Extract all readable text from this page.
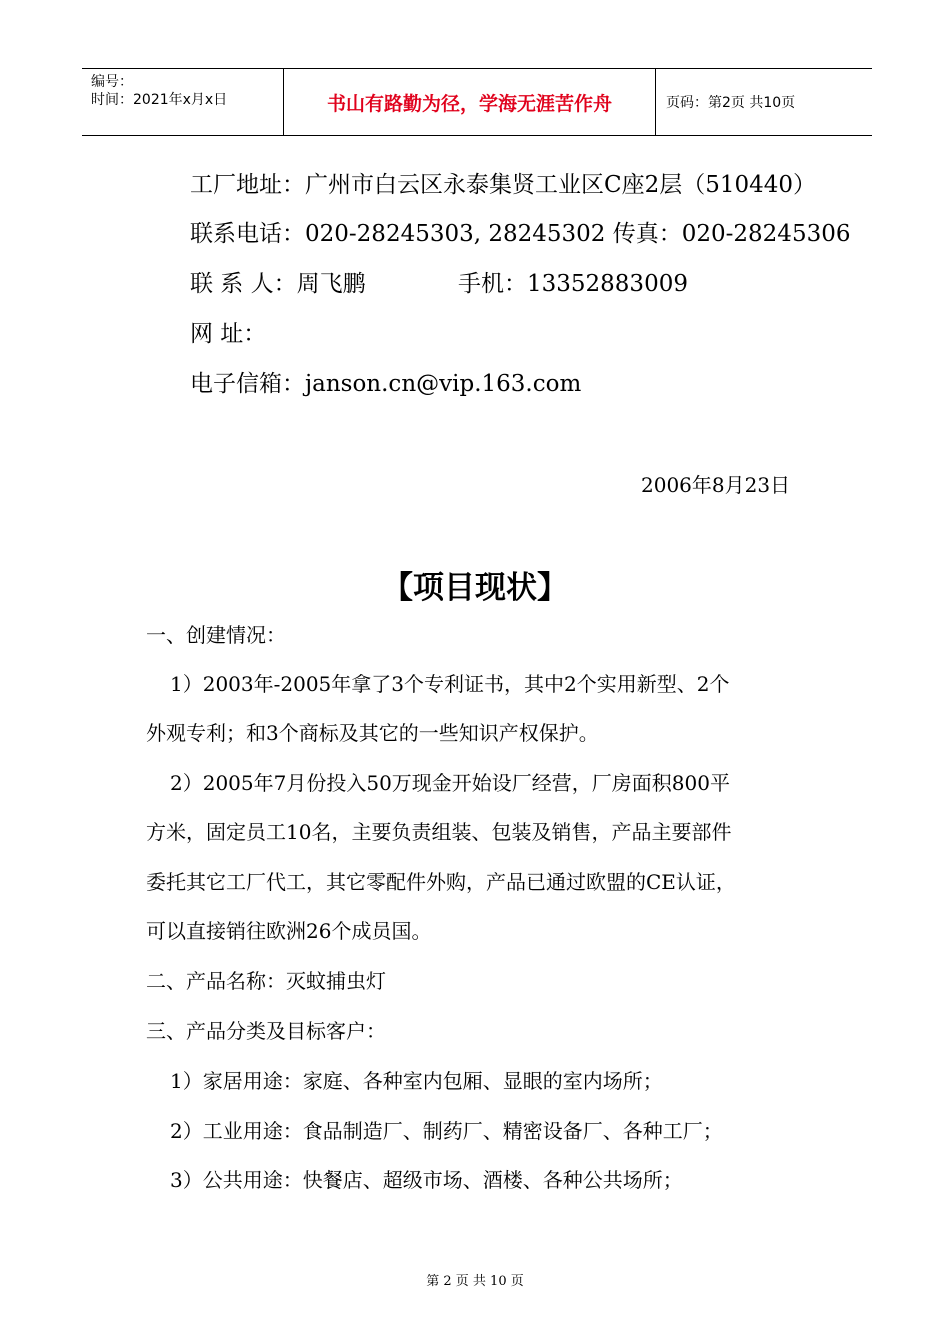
编号：
时间：2021年x月x日	书山有路勤为径，学海无涯苦作舟	页码：第2页 共10页
工厂地址：广州市白云区永泰集贤工业区C座2层（510440）
联系电话：020-28245303, 28245302 传真：020-28245306
联 系 人：周飞鹏	手机：13352883009
网 址：
电子信箱：janson.cn@vip.163.com
2006年8月23日
【项目现状】
一、创建情况：
1）2003年-2005年拿了3个专利证书，其中2个实用新型、2个
外观专利；和3个商标及其它的一些知识产权保护。
2）2005年7月份投入50万现金开始设厂经营，厂房面积800平
方米，固定员工10名，主要负责组装、包装及销售，产品主要部件
委托其它工厂代工，其它零配件外购，产品已通过欧盟的CE认证，
可以直接销往欧洲26个成员国。
二、产品名称：灭蚊捕虫灯
三、产品分类及目标客户：
1）家居用途：家庭、各种室内包厢、显眼的室内场所；
2）工业用途：食品制造厂、制药厂、精密设备厂、各种工厂；
3）公共用途：快餐店、超级市场、酒楼、各种公共场所；
第 2 页 共 10 页
